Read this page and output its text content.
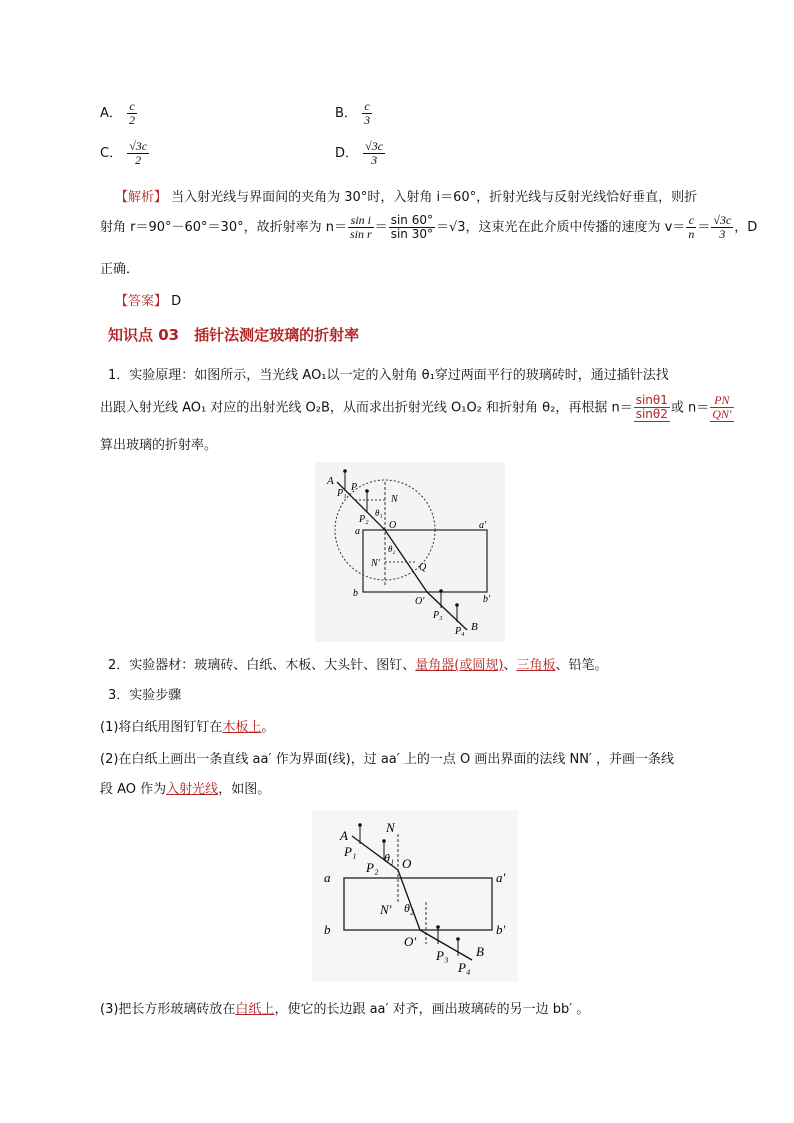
A． $\frac{c}{2}$	B． $\frac{c}{3}$
C． $\frac{√3c}{2}$	D． $\frac{√3c}{3}$
【解析】 当入射光线与界面间的夹角为 30°时，入射角 i＝60°，折射光线与反射光线恰好垂直，则折
射角 r＝90°－60°＝30°，故折射率为 $n= \frac{\text{sin i}}{\text{sin r}} = \frac{\sin 60^\circ}{\sin 30^\circ} =√3$，这束光在此介质中传播的速度为 $v= \frac{c}{n} = \frac{√3c}{3}$ ，D
正确．
【答案】 D
知识点 03　插针法测定玻璃的折射率
1．实验原理：如图所示，当光线 AO₁以一定的入射角 θ₁穿过两面平行的玻璃砖时，通过插针法找
出跟入射光线 AO₁ 对应的出射光线 O₂B，从而求出折射光线 O₁O₂ 和折射角 θ₂，再根据 $n= \frac{\sin\theta 1}{\sin\theta 2}$ 或 $n= \frac{PN}{QN'}$
算出玻璃的折射率。
A
P₁
P
N
θ₁
P₂
O	a′
a
θ₂
N′	Q
b
O′	b′
P₃
P₄ B
2．实验器材：玻璃砖、白纸、木板、大头针、图钉、量角器(或圆规)、三角板、铅笔。
3．实验步骤
(1)将白纸用图钉钉在木板上。
(2)在白纸上画出一条直线 aa′ 作为界面(线)，过 aa′ 上的一点 O 画出界面的法线 NN′ ，并画一条线
段 AO 作为入射光线，如图。
A
N
P₁
P₂
θ₁ O
a	a′
N′ θ₂
b	b′
O′
B
P₃
P₄
(3)把长方形玻璃砖放在白纸上，使它的长边跟 aa′ 对齐，画出玻璃砖的另一边 bb′ 。
